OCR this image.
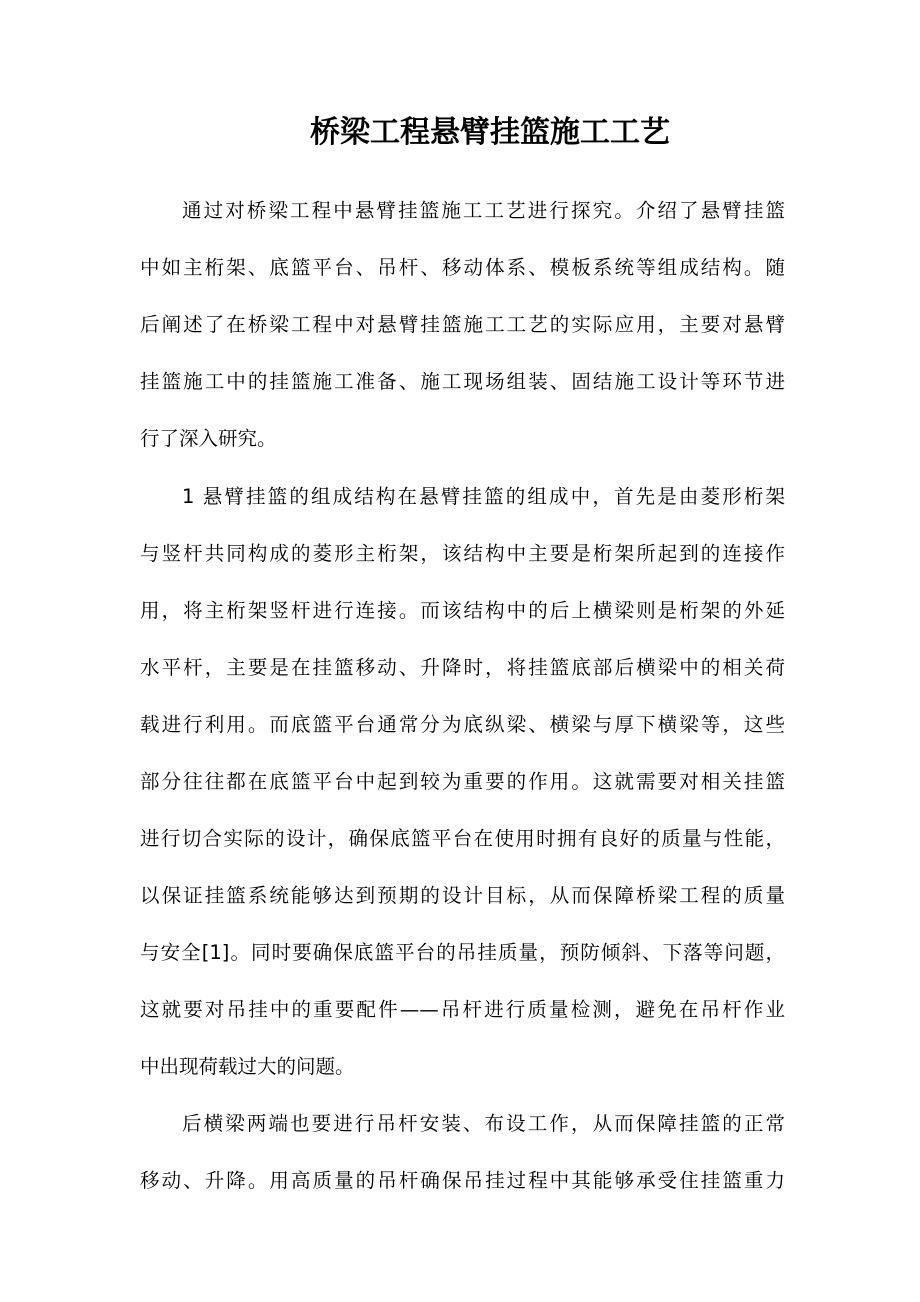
桥梁工程悬臂挂篮施工工艺
通过对桥梁工程中悬臂挂篮施工工艺进行探究。介绍了悬臂挂篮
中如主桁架、底篮平台、吊杆、移动体系、模板系统等组成结构。随
后阐述了在桥梁工程中对悬臂挂篮施工工艺的实际应用，主要对悬臂
挂篮施工中的挂篮施工准备、施工现场组装、固结施工设计等环节进
行了深入研究。
1 悬臂挂篮的组成结构在悬臂挂篮的组成中，首先是由菱形桁架
与竖杆共同构成的菱形主桁架，该结构中主要是桁架所起到的连接作
用，将主桁架竖杆进行连接。而该结构中的后上横梁则是桁架的外延
水平杆，主要是在挂篮移动、升降时，将挂篮底部后横梁中的相关荷
载进行利用。而底篮平台通常分为底纵梁、横梁与厚下横梁等，这些
部分往往都在底篮平台中起到较为重要的作用。这就需要对相关挂篮
进行切合实际的设计，确保底篮平台在使用时拥有良好的质量与性能，
以保证挂篮系统能够达到预期的设计目标，从而保障桥梁工程的质量
与安全[1]。同时要确保底篮平台的吊挂质量，预防倾斜、下落等问题，
这就要对吊挂中的重要配件——吊杆进行质量检测，避免在吊杆作业
中出现荷载过大的问题。
后横梁两端也要进行吊杆安装、布设工作，从而保障挂篮的正常
移动、升降。用高质量的吊杆确保吊挂过程中其能够承受住挂篮重力
